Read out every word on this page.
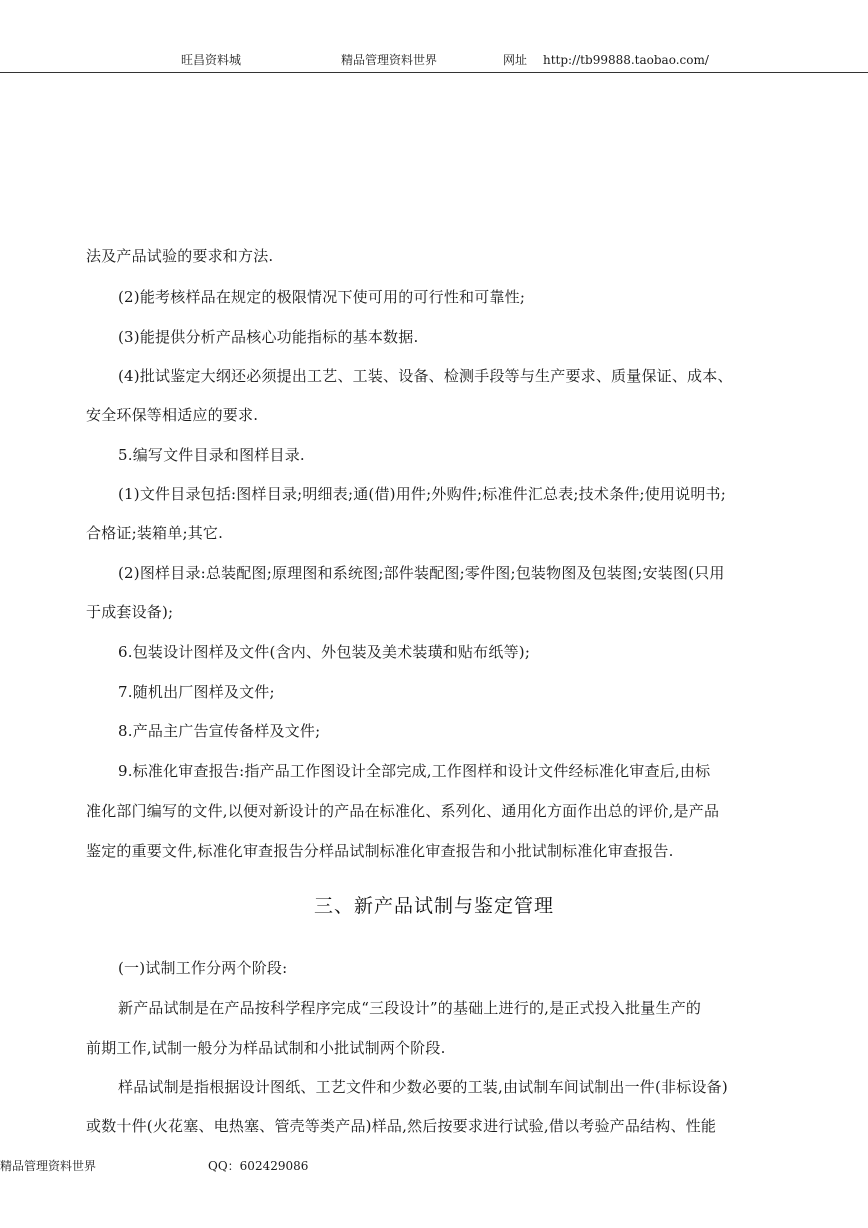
旺昌资料城	精品管理资料世界	网址 http://tb99888.taobao.com/
法及产品试验的要求和方法.
(2)能考核样品在规定的极限情况下使可用的可行性和可靠性;
(3)能提供分析产品核心功能指标的基本数据.
(4)批试鉴定大纲还必须提出工艺、工装、设备、检测手段等与生产要求、质量保证、成本、
安全环保等相适应的要求.
5.编写文件目录和图样目录.
(1)文件目录包括:图样目录;明细表;通(借)用件;外购件;标准件汇总表;技术条件;使用说明书;
合格证;装箱单;其它.
(2)图样目录:总装配图;原理图和系统图;部件装配图;零件图;包装物图及包装图;安装图(只用
于成套设备);
6.包装设计图样及文件(含内、外包装及美术装璜和贴布纸等);
7.随机出厂图样及文件;
8.产品主广告宣传备样及文件;
9.标准化审查报告:指产品工作图设计全部完成,工作图样和设计文件经标准化审查后,由标
准化部门编写的文件,以便对新设计的产品在标准化、系列化、通用化方面作出总的评价,是产品
鉴定的重要文件,标准化审查报告分样品试制标准化审查报告和小批试制标准化审查报告.
三、新产品试制与鉴定管理
(一)试制工作分两个阶段:
新产品试制是在产品按科学程序完成“三段设计”的基础上进行的,是正式投入批量生产的
前期工作,试制一般分为样品试制和小批试制两个阶段.
样品试制是指根据设计图纸、工艺文件和少数必要的工装,由试制车间试制出一件(非标设备)
或数十件(火花塞、电热塞、管壳等类产品)样品,然后按要求进行试验,借以考验产品结构、性能
精品管理资料世界	QQ：602429086
